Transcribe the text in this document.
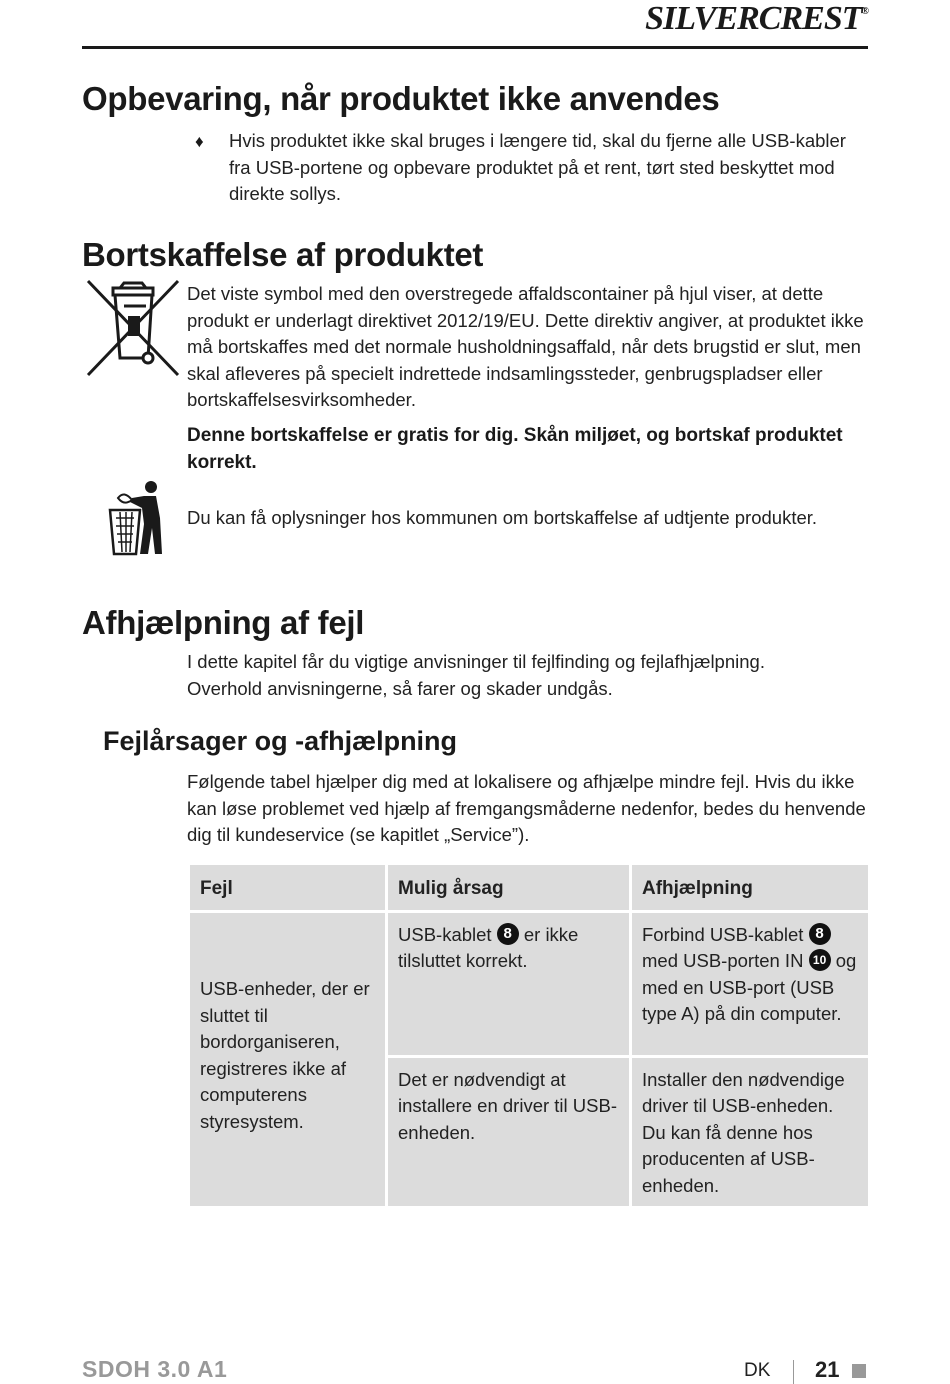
SILVERCREST®
Opbevaring, når produktet ikke anvendes
♦ Hvis produktet ikke skal bruges i længere tid, skal du fjerne alle USB-kabler fra USB-portene og opbevare produktet på et rent, tørt sted beskyttet mod direkte sollys.

Bortskaffelse af produktet

Det viste symbol med den overstregede affaldscontainer på hjul viser, at dette produkt er underlagt direktivet 2012/19/EU. Dette direktiv angiver, at produktet ikke må bortskaffes med det normale husholdningsaffald, når dets brugstid er slut, men skal afleveres på specielt indrettede indsamlingssteder, genbrugspladser eller bortskaffelsesvirksomheder.

Denne bortskaffelse er gratis for dig. Skån miljøet, og bortskaf produktet korrekt.

Du kan få oplysninger hos kommunen om bortskaffelse af udtjente produkter.

Afhjælpning af fejl

I dette kapitel får du vigtige anvisninger til fejlfinding og fejlafhjælpning. Overhold anvisningerne, så farer og skader undgås.

Fejlårsager og -afhjælpning

Følgende tabel hjælper dig med at lokalisere og afhjælpe mindre fejl. Hvis du ikke kan løse problemet ved hjælp af fremgangsmåderne nedenfor, bedes du henvende dig til kundeservice (se kapitlet „Service”).

Fejl	Mulig årsag	Afhjælpning
USB-enheder, der er sluttet til bordorganiseren, registreres ikke af computerens styresystem.	USB-kablet 8 er ikke tilsluttet korrekt.	Forbind USB-kablet 8 med USB-porten IN 10 og med en USB-port (USB type A) på din computer.
	Det er nødvendigt at installere en driver til USB-enheden.	Installer den nødvendige driver til USB-enheden. Du kan få denne hos producenten af USB-enheden.
SDOH 3.0 A1	DK 21
